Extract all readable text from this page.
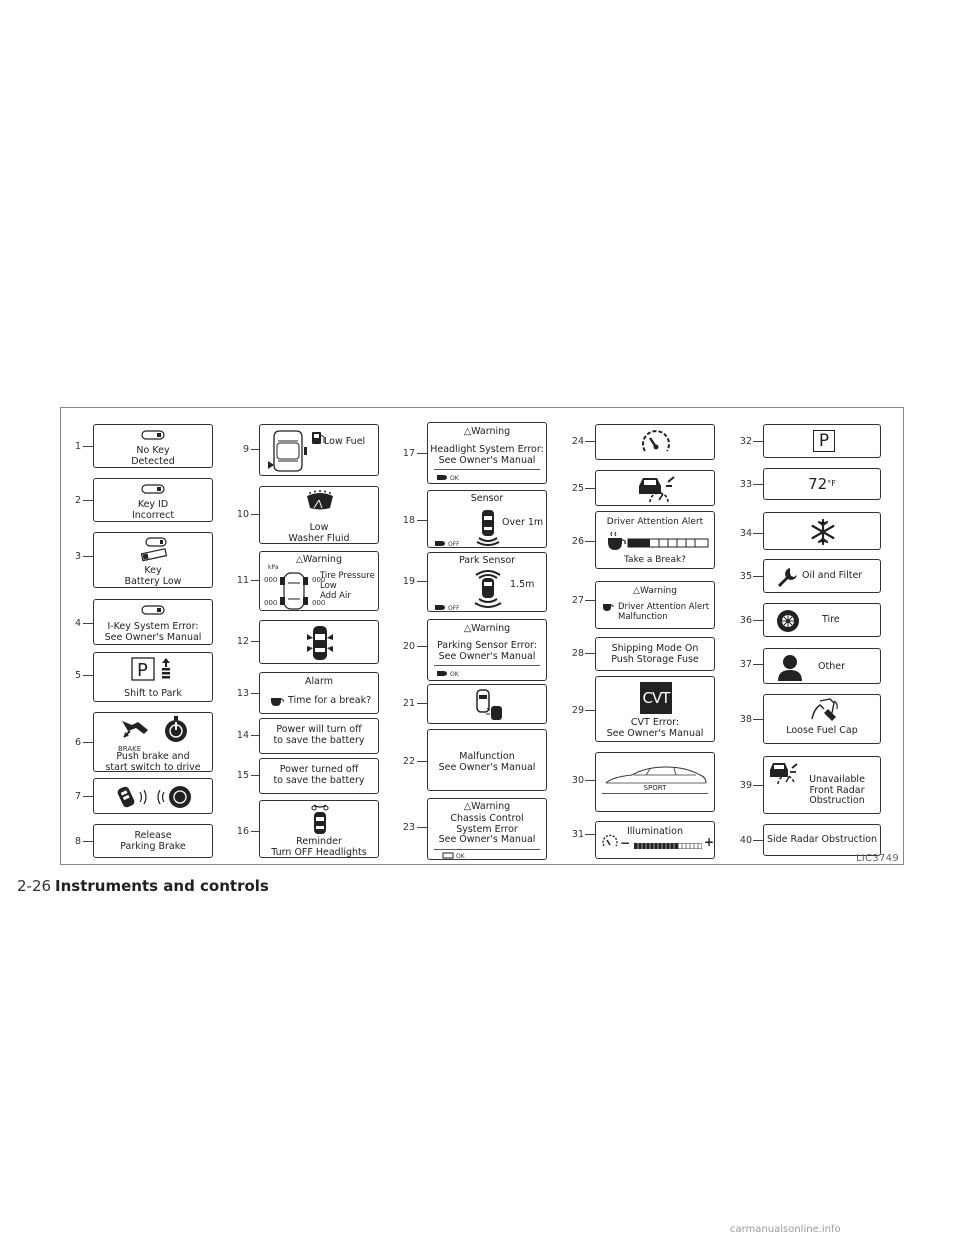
1	No Key
Detected
2	Key ID
Incorrect
3
Key
Battery Low
4	I-Key System Error:
See Owner's Manual
5	P
Shift to Park
6
BRAKE
Push brake and
start switch to drive
7
8
Release
Parking Brake
9
Low Fuel
10
Low
Washer Fluid
11
△Warning
kPa
000	000
000	000
Tire Pressure
Low
Add Air
12
13
Alarm
Time for a break?
14
Power will turn off
to save the battery
15
Power turned off
to save the battery
16
Reminder
Turn OFF Headlights
17
△Warning
Headlight System Error:
See Owner's Manual
OK
18
Sensor
Over 1m
OFF
19
Park Sensor
1.5m
OFF
20
△Warning
Parking Sensor Error:
See Owner's Manual
OK
21
22	Malfunction
See Owner's Manual
23
△Warning
Chassis Control
System Error
See Owner's Manual
OK
24
25
26
Driver Attention Alert
Take a Break?
27
△Warning
Driver Attention Alert
Malfunction
28	Shipping Mode On
Push Storage Fuse
29
CVT
CVT Error:
See Owner's Manual
30
SPORT
31	Illumination
−	+
32	P
33	$72^{^\circ F}$
34
35	Oil and Filter
36	Tire
37	Other
38
Loose Fuel Cap
39
Unavailable
Front Radar Obstruction
40	Side Radar Obstruction
LIC3749
2-26 Instruments and controls
carmanualsonline.info
